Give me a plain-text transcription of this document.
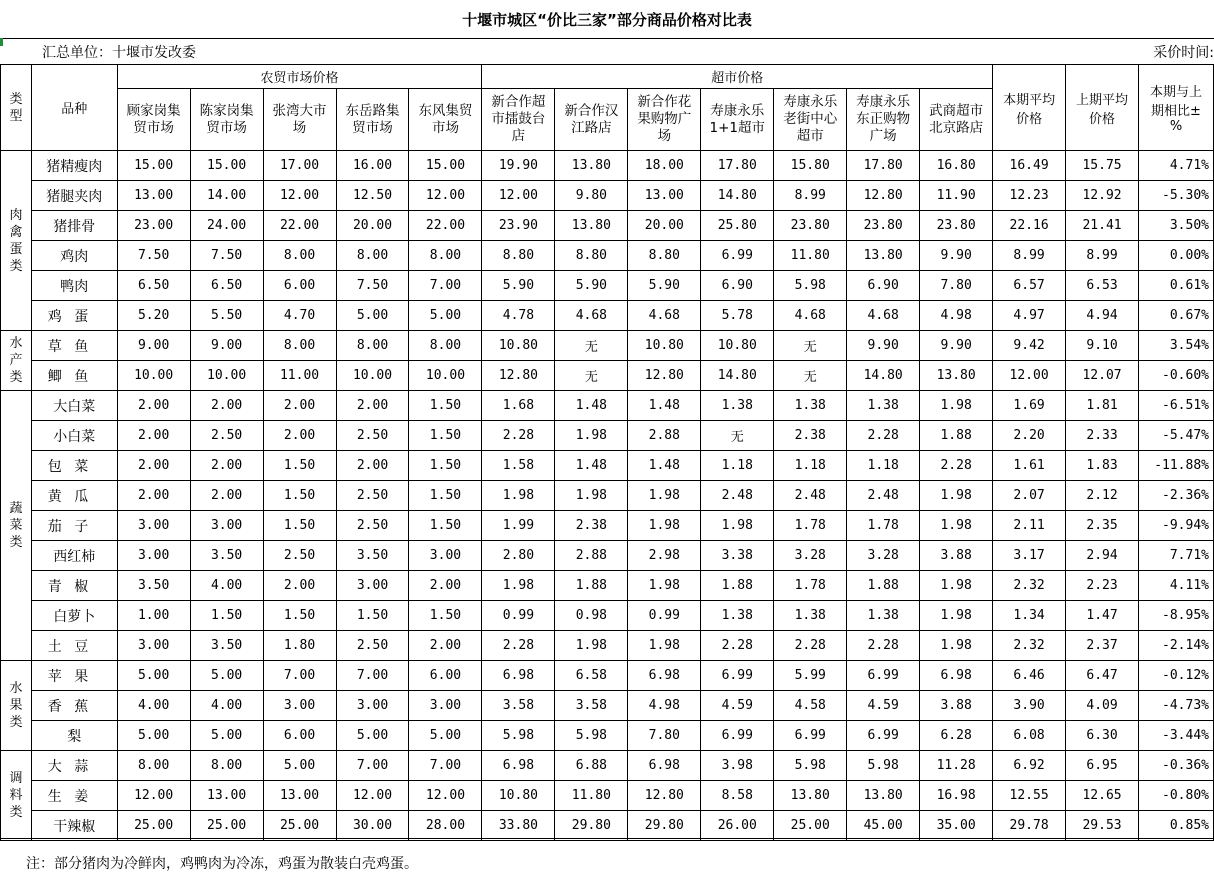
十堰市城区“价比三家”部分商品价格对比表
汇总单位：十堰市发改委	采价时间:
类型	品种	农贸市场价格					超市价格							本期平均价格	上期平均价格	本期与上期相比±%

		顾家岗集贸市场	陈家岗集贸市场	张湾大市场	东岳路集贸市场	东风集贸市场	新合作超市擂鼓台店	新合作汉江路店	新合作花果购物广场	寿康永乐1+1超市	寿康永乐老街中心超市	寿康永乐东正购物广场	武商超市北京路店			

肉禽蛋类	猪精瘦肉	15.00	15.00	17.00	16.00	15.00	19.90	13.80	18.00	17.80	15.80	17.80	16.80	16.49	15.75	4.71%
	猪腿夹肉	13.00	14.00	12.00	12.50	12.00	12.00	9.80	13.00	14.80	8.99	12.80	11.90	12.23	12.92	-5.30%
	猪排骨	23.00	24.00	22.00	20.00	22.00	23.90	13.80	20.00	25.80	23.80	23.80	23.80	22.16	21.41	3.50%
	鸡肉	7.50	7.50	8.00	8.00	8.00	8.80	8.80	8.80	6.99	11.80	13.80	9.90	8.99	8.99	0.00%
	鸭肉	6.50	6.50	6.00	7.50	7.00	5.90	5.90	5.90	6.90	5.98	6.90	7.80	6.57	6.53	0.61%
	鸡蛋	5.20	5.50	4.70	5.00	5.00	4.78	4.68	4.68	5.78	4.68	4.68	4.98	4.97	4.94	0.67%
水产类	草鱼	9.00	9.00	8.00	8.00	8.00	10.80	无	10.80	10.80	无	9.90	9.90	9.42	9.10	3.54%
	鲫鱼	10.00	10.00	11.00	10.00	10.00	12.80	无	12.80	14.80	无	14.80	13.80	12.00	12.07	-0.60%
蔬菜类	大白菜	2.00	2.00	2.00	2.00	1.50	1.68	1.48	1.48	1.38	1.38	1.38	1.98	1.69	1.81	-6.51%
	小白菜	2.00	2.50	2.00	2.50	1.50	2.28	1.98	2.88	无	2.38	2.28	1.88	2.20	2.33	-5.47%
	包菜	2.00	2.00	1.50	2.00	1.50	1.58	1.48	1.48	1.18	1.18	1.18	2.28	1.61	1.83	-11.88%
	黄瓜	2.00	2.00	1.50	2.50	1.50	1.98	1.98	1.98	2.48	2.48	2.48	1.98	2.07	2.12	-2.36%
	茄子	3.00	3.00	1.50	2.50	1.50	1.99	2.38	1.98	1.98	1.78	1.78	1.98	2.11	2.35	-9.94%
	西红柿	3.00	3.50	2.50	3.50	3.00	2.80	2.88	2.98	3.38	3.28	3.28	3.88	3.17	2.94	7.71%
	青椒	3.50	4.00	2.00	3.00	2.00	1.98	1.88	1.98	1.88	1.78	1.88	1.98	2.32	2.23	4.11%
	白萝卜	1.00	1.50	1.50	1.50	1.50	0.99	0.98	0.99	1.38	1.38	1.38	1.98	1.34	1.47	-8.95%
	土豆	3.00	3.50	1.80	2.50	2.00	2.28	1.98	1.98	2.28	2.28	2.28	1.98	2.32	2.37	-2.14%
水果类	苹果	5.00	5.00	7.00	7.00	6.00	6.98	6.58	6.98	6.99	5.99	6.99	6.98	6.46	6.47	-0.12%
	香蕉	4.00	4.00	3.00	3.00	3.00	3.58	3.58	4.98	4.59	4.58	4.59	3.88	3.90	4.09	-4.73%
	梨	5.00	5.00	6.00	5.00	5.00	5.98	5.98	7.80	6.99	6.99	6.99	6.28	6.08	6.30	-3.44%
调料类	大蒜	8.00	8.00	5.00	7.00	7.00	6.98	6.88	6.98	3.98	5.98	5.98	11.28	6.92	6.95	-0.36%
	生姜	12.00	13.00	13.00	12.00	12.00	10.80	11.80	12.80	8.58	13.80	13.80	16.98	12.55	12.65	-0.80%
	干辣椒	25.00	25.00	25.00	30.00	28.00	33.80	29.80	29.80	26.00	25.00	45.00	35.00	29.78	29.53	0.85%
注：部分猪肉为冷鲜肉，鸡鸭肉为冷冻，鸡蛋为散装白壳鸡蛋。
